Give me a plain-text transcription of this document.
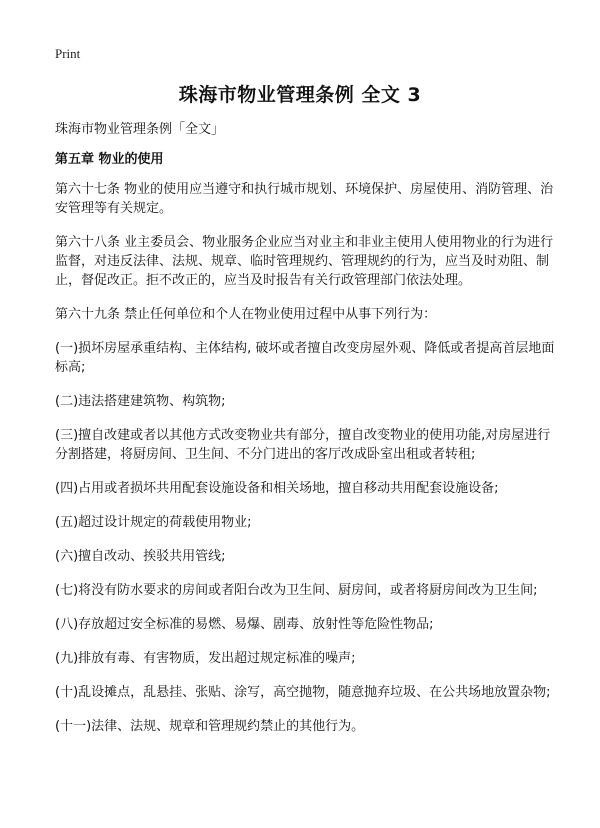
Print
珠海市物业管理条例 全文 3
珠海市物业管理条例「全文」
第五章 物业的使用
第六十七条 物业的使用应当遵守和执行城市规划、环境保护、房屋使用、消防管理、治安管理等有关规定。
第六十八条 业主委员会、物业服务企业应当对业主和非业主使用人使用物业的行为进行监督，对违反法律、法规、规章、临时管理规约、管理规约的行为，应当及时劝阻、制止，督促改正。拒不改正的，应当及时报告有关行政管理部门依法处理。
第六十九条 禁止任何单位和个人在物业使用过程中从事下列行为：
(一)损坏房屋承重结构、主体结构, 破坏或者擅自改变房屋外观、降低或者提高首层地面标高;
(二)违法搭建建筑物、构筑物;
(三)擅自改建或者以其他方式改变物业共有部分，擅自改变物业的使用功能,对房屋进行分割搭建，将厨房间、卫生间、不分门进出的客厅改成卧室出租或者转租;
(四)占用或者损坏共用配套设施设备和相关场地，擅自移动共用配套设施设备;
(五)超过设计规定的荷载使用物业;
(六)擅自改动、挨驳共用管线;
(七)将没有防水要求的房间或者阳台改为卫生间、厨房间，或者将厨房间改为卫生间;
(八)存放超过安全标准的易燃、易爆、剧毒、放射性等危险性物品;
(九)排放有毒、有害物质，发出超过规定标准的噪声;
(十)乱设摊点，乱悬挂、张贴、涂写，高空抛物，随意抛弃垃圾、在公共场地放置杂物;
(十一)法律、法规、规章和管理规约禁止的其他行为。
